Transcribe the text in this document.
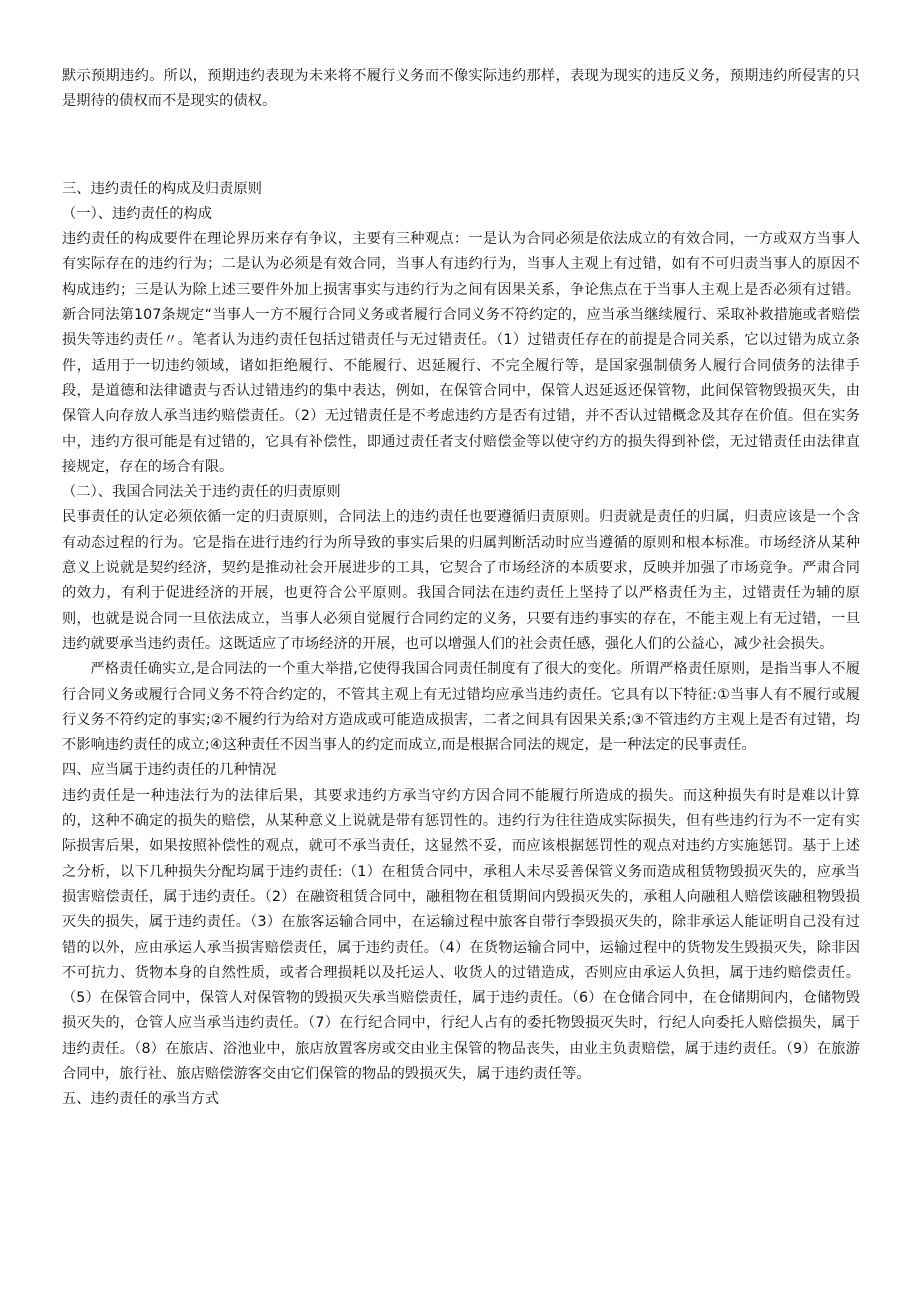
默示预期违约。所以，预期违约表现为未来将不履行义务而不像实际违约那样，表现为现实的违反义务，预期违约所侵害的只是期待的债权而不是现实的债权。

三、违约责任的构成及归责原则

（一）、违约责任的构成

违约责任的构成要件在理论界历来存有争议，主要有三种观点：一是认为合同必须是依法成立的有效合同，一方或双方当事人有实际存在的违约行为；二是认为必须是有效合同，当事人有违约行为，当事人主观上有过错，如有不可归责当事人的原因不构成违约；三是认为除上述三要件外加上损害事实与违约行为之间有因果关系，争论焦点在于当事人主观上是否必须有过错。新合同法第107条规定“当事人一方不履行合同义务或者履行合同义务不符约定的，应当承当继续履行、采取补救措施或者赔偿损失等违约责任〃。笔者认为违约责任包括过错责任与无过错责任。（1）过错责任存在的前提是合同关系，它以过错为成立条件，适用于一切违约领域，诸如拒绝履行、不能履行、迟延履行、不完全履行等，是国家强制债务人履行合同债务的法律手段，是道德和法律谴责与否认过错违约的集中表达，例如，在保管合同中，保管人迟延返还保管物，此间保管物毁损灭失，由保管人向存放人承当违约赔偿责任。（2）无过错责任是不考虑违约方是否有过错，并不否认过错概念及其存在价值。但在实务中，违约方很可能是有过错的，它具有补偿性，即通过责任者支付赔偿金等以使守约方的损失得到补偿，无过错责任由法律直接规定，存在的场合有限。

（二）、我国合同法关于违约责任的归责原则

民事责任的认定必须依循一定的归责原则，合同法上的违约责任也要遵循归责原则。归责就是责任的归属，归责应该是一个含有动态过程的行为。它是指在进行违约行为所导致的事实后果的归属判断活动时应当遵循的原则和根本标准。市场经济从某种意义上说就是契约经济，契约是推动社会开展进步的工具，它契合了市场经济的本质要求，反映并加强了市场竞争。严肃合同的效力，有利于促进经济的开展，也更符合公平原则。我国合同法在违约责任上坚持了以严格责任为主，过错责任为辅的原则，也就是说合同一旦依法成立，当事人必须自觉履行合同约定的义务，只要有违约事实的存在，不能主观上有无过错，一旦违约就要承当违约责任。这既适应了市场经济的开展，也可以增强人们的社会责任感，强化人们的公益心，减少社会损失。

严格责任确实立,是合同法的一个重大举措,它使得我国合同责任制度有了很大的变化。所谓严格责任原则，是指当事人不履行合同义务或履行合同义务不符合约定的，不管其主观上有无过错均应承当违约责任。它具有以下特征:①当事人有不履行或履行义务不符约定的事实;②不履约行为给对方造成或可能造成损害，二者之间具有因果关系;③不管违约方主观上是否有过错，均不影响违约责任的成立;④这种责任不因当事人的约定而成立,而是根据合同法的规定，是一种法定的民事责任。

四、应当属于违约责任的几种情况

违约责任是一种违法行为的法律后果，其要求违约方承当守约方因合同不能履行所造成的损失。而这种损失有时是难以计算的，这种不确定的损失的赔偿，从某种意义上说就是带有惩罚性的。违约行为往往造成实际损失，但有些违约行为不一定有实际损害后果，如果按照补偿性的观点，就可不承当责任，这显然不妥，而应该根据惩罚性的观点对违约方实施惩罚。基于上述之分析，以下几种损失分配均属于违约责任:（1）在租赁合同中，承租人未尽妥善保管义务而造成租赁物毁损灭失的，应承当损害赔偿责任，属于违约责任。（2）在融资租赁合同中，融租物在租赁期间内毁损灭失的，承租人向融租人赔偿该融租物毁损灭失的损失，属于违约责任。（3）在旅客运输合同中，在运输过程中旅客自带行李毁损灭失的，除非承运人能证明自己没有过错的以外，应由承运人承当损害赔偿责任，属于违约责任。（4）在货物运输合同中，运输过程中的货物发生毁损灭失，除非因不可抗力、货物本身的自然性质，或者合理损耗以及托运人、收货人的过错造成，否则应由承运人负担，属于违约赔偿责任。（5）在保管合同中，保管人对保管物的毁损灭失承当赔偿责任，属于违约责任。（6）在仓储合同中，在仓储期间内，仓储物毁损灭失的，仓管人应当承当违约责任。（7）在行纪合同中，行纪人占有的委托物毁损灭失时，行纪人向委托人赔偿损失，属于违约责任。（8）在旅店、浴池业中，旅店放置客房或交由业主保管的物品丧失，由业主负责赔偿，属于违约责任。（9）在旅游合同中，旅行社、旅店赔偿游客交由它们保管的物品的毁损灭失，属于违约责任等。

五、违约责任的承当方式
